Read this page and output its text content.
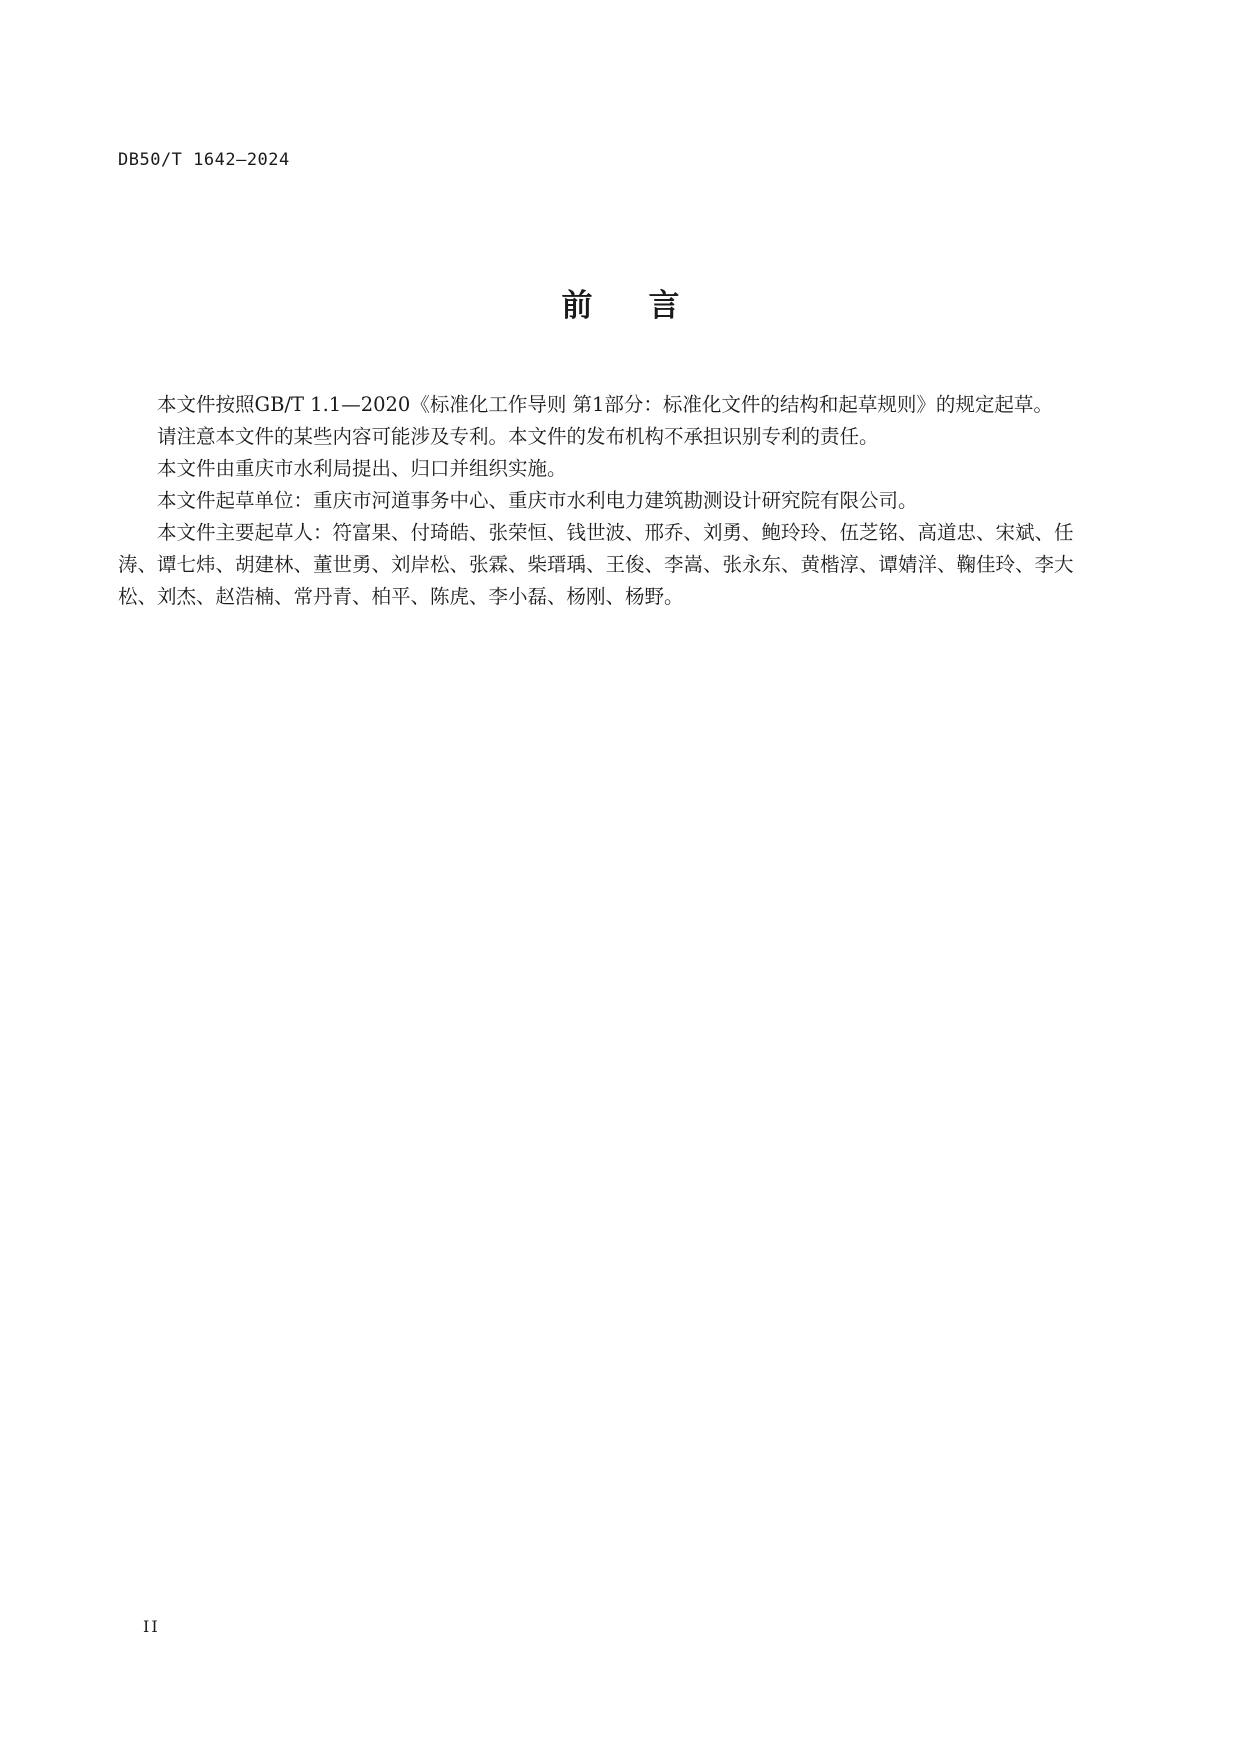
DB50/T 1642—2024
前言

本文件按照GB/T 1.1—2020《标准化工作导则 第1部分：标准化文件的结构和起草规则》的规定起草。

请注意本文件的某些内容可能涉及专利。本文件的发布机构不承担识别专利的责任。

本文件由重庆市水利局提出、归口并组织实施。

本文件起草单位：重庆市河道事务中心、重庆市水利电力建筑勘测设计研究院有限公司。

本文件主要起草人：符富果、付琦皓、张荣恒、钱世波、邢乔、刘勇、鲍玲玲、伍芝铭、高道忠、宋斌、任涛、谭七炜、胡建林、董世勇、刘岸松、张霖、柴瑨瑀、王俊、李嵩、张永东、黄楷淳、谭婧洋、鞠佳玲、李大松、刘杰、赵浩楠、常丹青、柏平、陈虎、李小磊、杨刚、杨野。

II
